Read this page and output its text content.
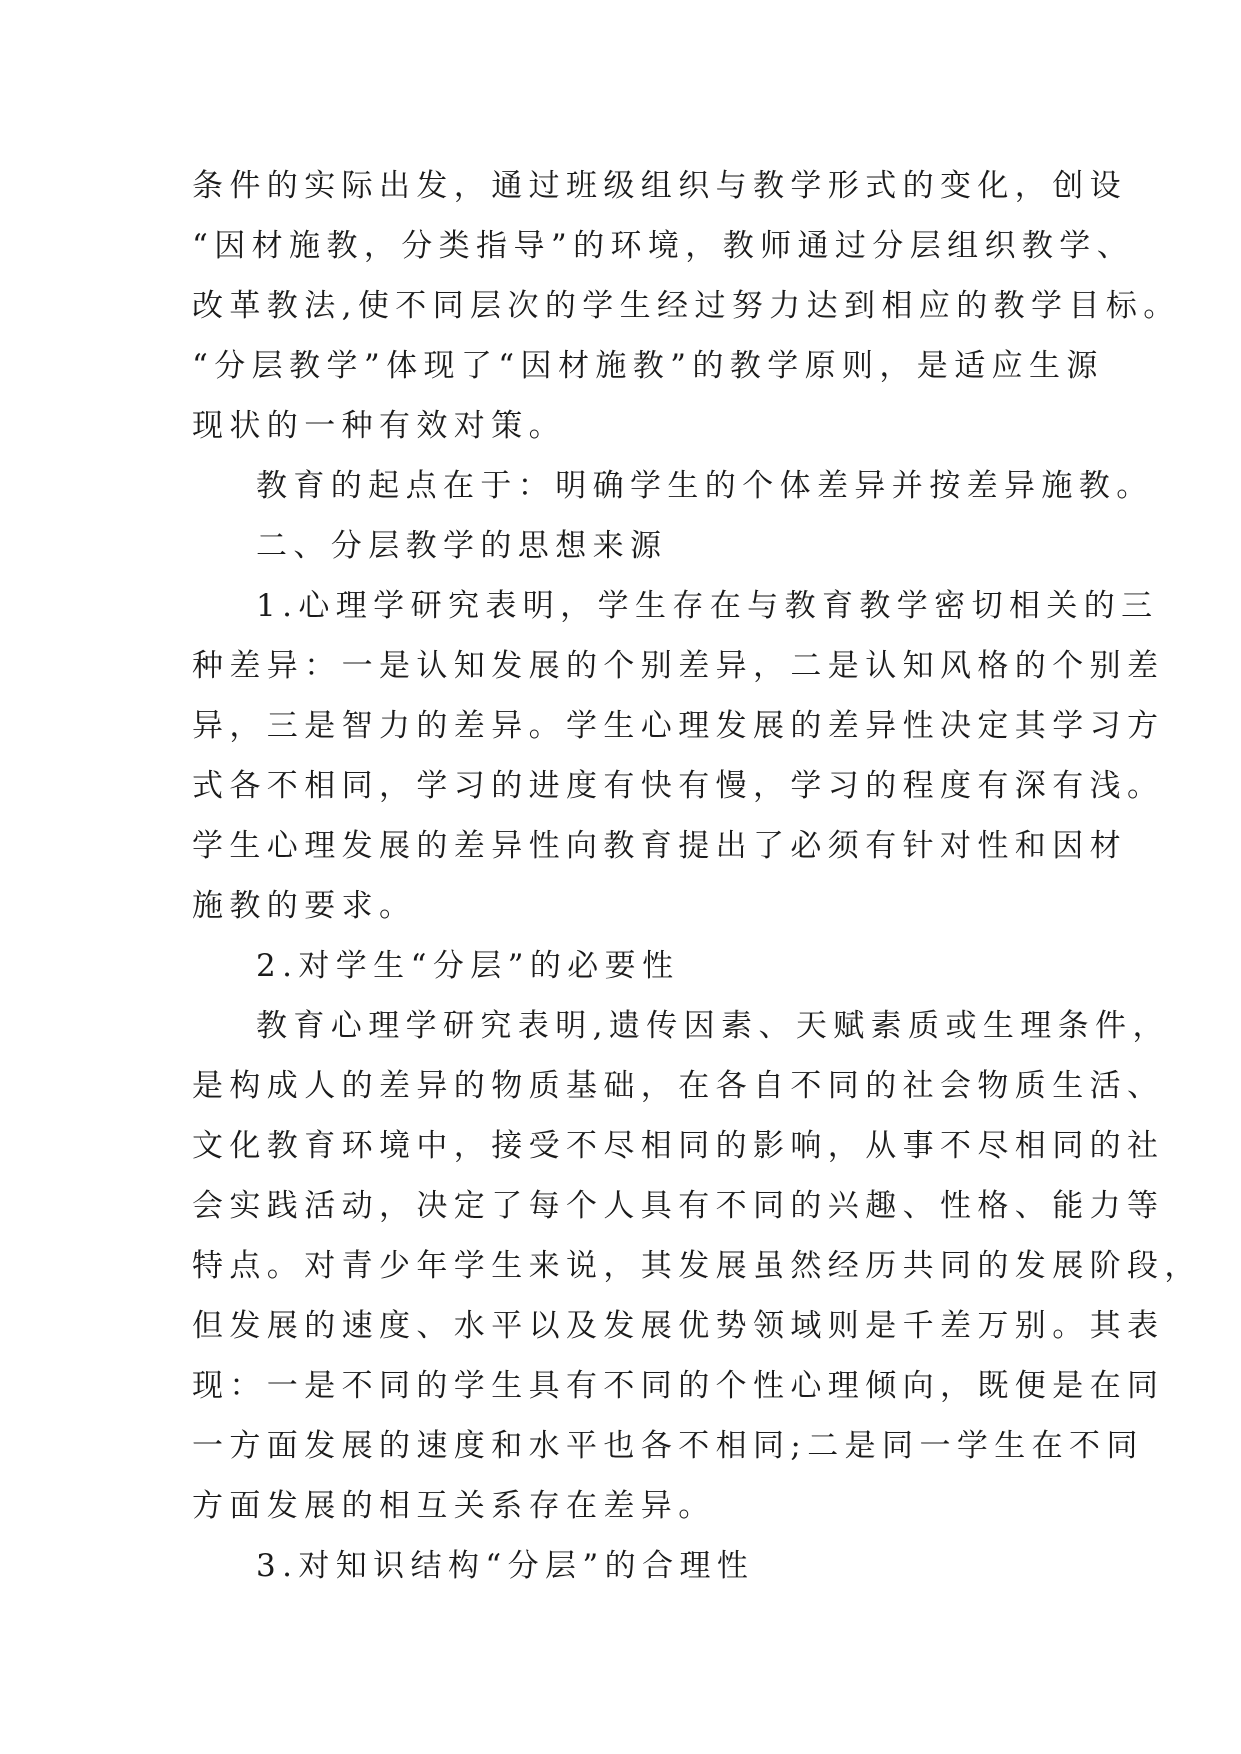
条件的实际出发，通过班级组织与教学形式的变化，创设
“因材施教，分类指导”的环境，教师通过分层组织教学、
改革教法,使不同层次的学生经过努力达到相应的教学目标。
“分层教学”体现了“因材施教”的教学原则，是适应生源
现状的一种有效对策。
教育的起点在于：明确学生的个体差异并按差异施教。
二、分层教学的思想来源
1.心理学研究表明，学生存在与教育教学密切相关的三
种差异：一是认知发展的个别差异，二是认知风格的个别差
异，三是智力的差异。学生心理发展的差异性决定其学习方
式各不相同，学习的进度有快有慢，学习的程度有深有浅。
学生心理发展的差异性向教育提出了必须有针对性和因材
施教的要求。
2.对学生“分层”的必要性
教育心理学研究表明,遗传因素、天赋素质或生理条件，
是构成人的差异的物质基础，在各自不同的社会物质生活、
文化教育环境中，接受不尽相同的影响，从事不尽相同的社
会实践活动，决定了每个人具有不同的兴趣、性格、能力等
特点。对青少年学生来说，其发展虽然经历共同的发展阶段，
但发展的速度、水平以及发展优势领域则是千差万别。其表
现：一是不同的学生具有不同的个性心理倾向，既便是在同
一方面发展的速度和水平也各不相同;二是同一学生在不同
方面发展的相互关系存在差异。
3.对知识结构“分层”的合理性
